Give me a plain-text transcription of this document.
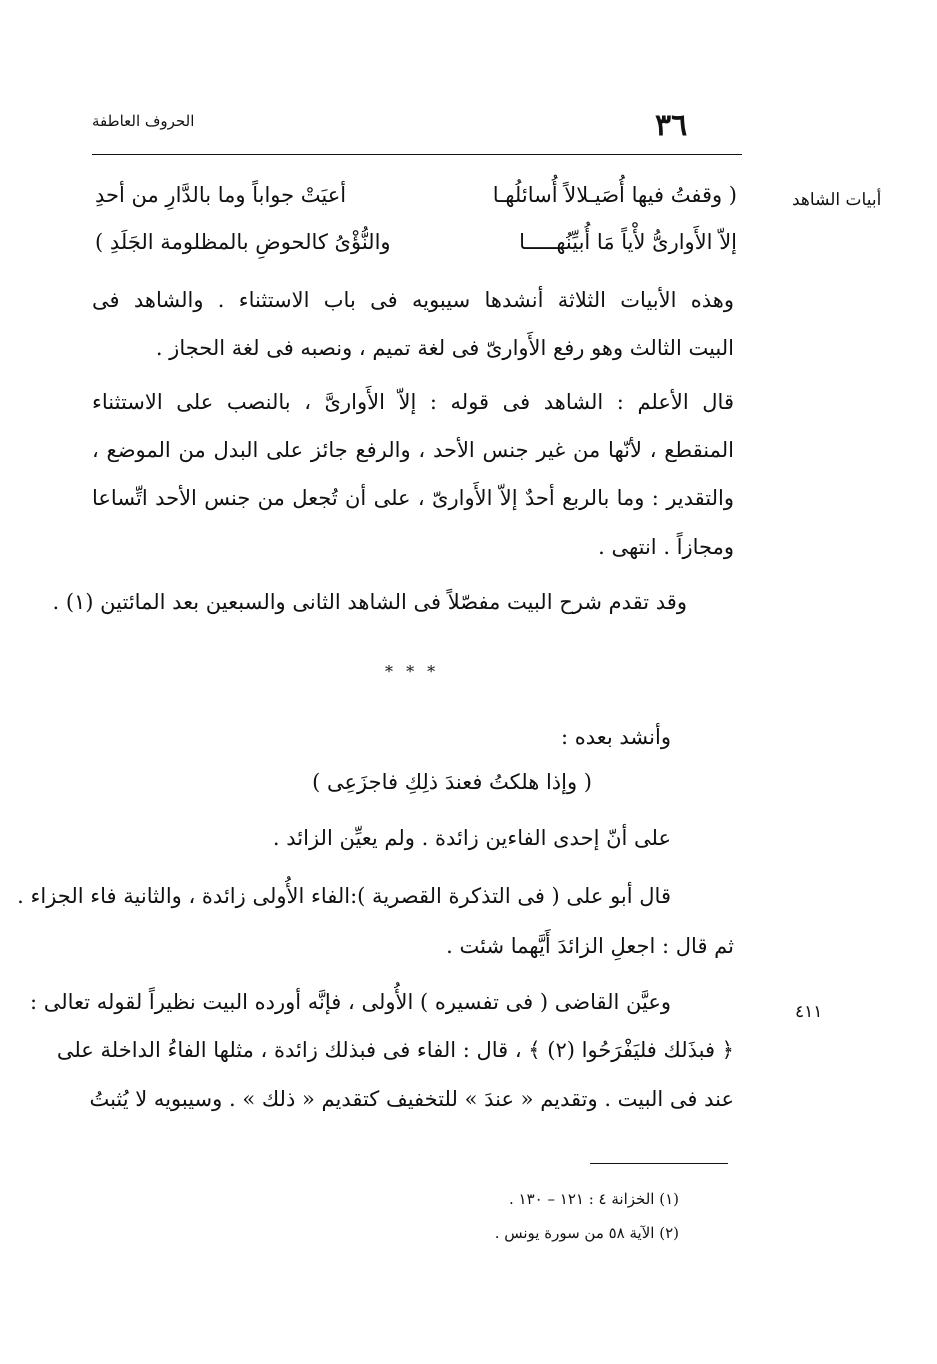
٣٦
الحروف العاطفة
أبيات الشاهد
٤١١
( وقفتُ فيها أُصَيـلالاً أُسائلُهـا
أعيَتْ جواباً وما بالدَّارِ من أحدِ
إلاّ الأَوارىُّ لأْياً مَا أُبيِّنُهـــــا
والنُّؤْىُ كالحوضِ بالمظلومة الجَلَدِ )
وهذه الأبيات الثلاثة أنشدها سيبويه فى باب الاستثناء . والشاهد فى
البيت الثالث وهو رفع الأَوارىّ فى لغة تميم ، ونصبه فى لغة الحجاز .
قال الأعلم : الشاهد فى قوله : إلاّ الأَوارىَّ ، بالنصب على الاستثناء
المنقطع ، لأنّها من غير جنس الأحد ، والرفع جائز على البدل من الموضع ،
والتقدير : وما بالربع أحدٌ إلاّ الأَوارىّ ، على أن تُجعل من جنس الأحد اتِّساعا
ومجازاً . انتهى .
وقد تقدم شرح البيت مفصّلاً فى الشاهد الثانى والسبعين بعد المائتين (١) .
* * *
وأنشد بعده :
( وإذا هلكتُ فعندَ ذلِكِ فاجزَعِى )
على أنّ إحدى الفاءين زائدة . ولم يعيِّن الزائد .
قال أبو على ( فى التذكرة القصرية ):الفاء الأُولى زائدة ، والثانية فاء الجزاء .
ثم قال : اجعلِ الزائدَ أَيَّهما شئت .
وعيَّن القاضى ( فى تفسيره ) الأُولى ، فإنَّه أورده البيت نظيراً لقوله تعالى :
﴿ فبذَلك فليَفْرَحُوا (٢) ﴾ ، قال : الفاء فى فبذلك زائدة ، مثلها الفاءُ الداخلة على
عند فى البيت . وتقديم « عندَ » للتخفيف كتقديم « ذلك » . وسيبويه لا يُثبتُ
(١) الخزانة ٤ : ١٢١ – ١٣٠ .
(٢) الآية ٥٨ من سورة يونس .
